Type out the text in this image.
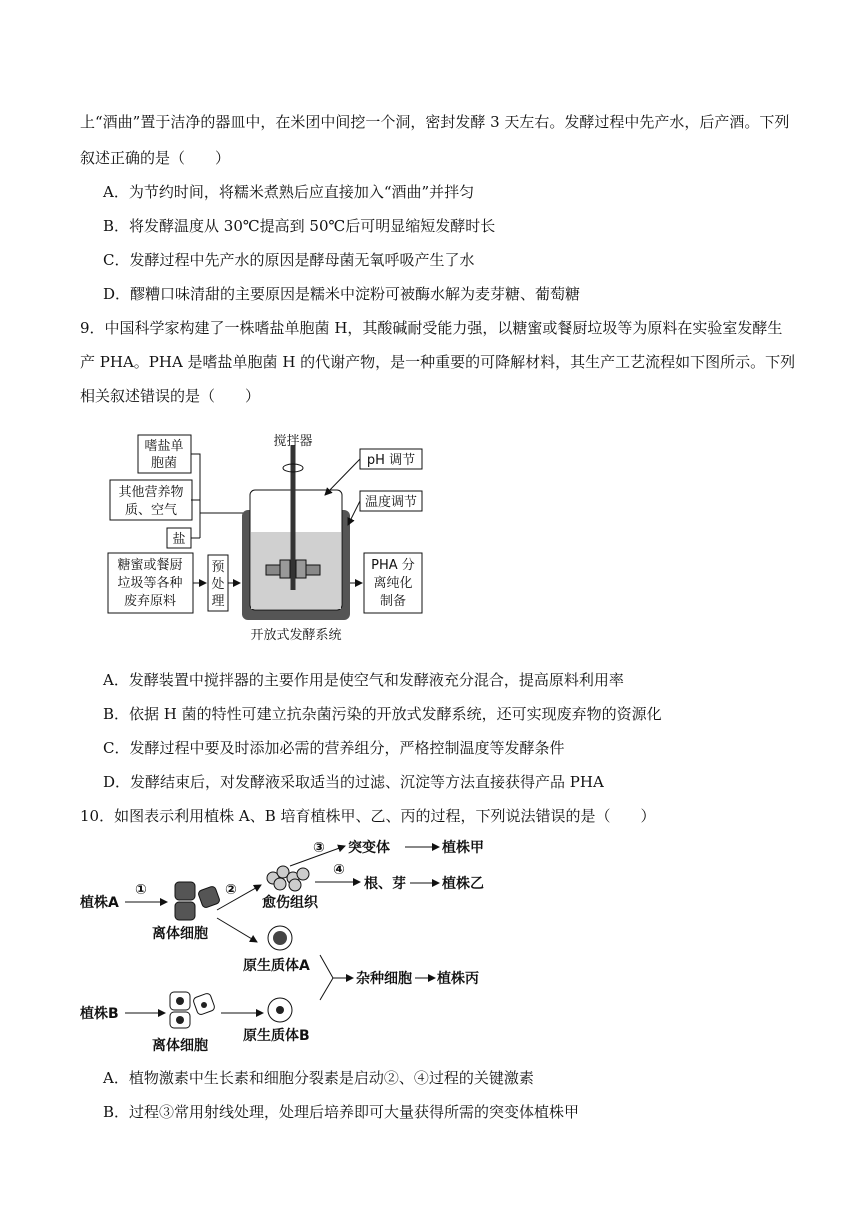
上“酒曲”置于洁净的器皿中，在米团中间挖一个洞，密封发酵 3 天左右。发酵过程中先产水，后产酒。下列
叙述正确的是（　　）
A．为节约时间，将糯米煮熟后应直接加入“酒曲”并拌匀
B．将发酵温度从 30℃提高到 50℃后可明显缩短发酵时长
C．发酵过程中先产水的原因是酵母菌无氧呼吸产生了水
D．醪糟口味清甜的主要原因是糯米中淀粉可被酶水解为麦芽糖、葡萄糖
9．中国科学家构建了一株嗜盐单胞菌 H，其酸碱耐受能力强，以糖蜜或餐厨垃圾等为原料在实验室发酵生
产 PHA。PHA 是嗜盐单胞菌 H 的代谢产物，是一种重要的可降解材料，其生产工艺流程如下图所示。下列
相关叙述错误的是（　　）
嗜盐单
胞菌
其他营养物
质、空气
盐
糖蜜或餐厨
垃圾等各种
废弃原料
预
处
理
搅拌器
pH 调节
温度调节
PHA 分
离纯化
制备
开放式发酵系统
A．发酵装置中搅拌器的主要作用是使空气和发酵液充分混合，提高原料利用率
B．依据 H 菌的特性可建立抗杂菌污染的开放式发酵系统，还可实现废弃物的资源化
C．发酵过程中要及时添加必需的营养组分，严格控制温度等发酵条件
D．发酵结束后，对发酵液采取适当的过滤、沉淀等方法直接获得产品 PHA
10．如图表示利用植株 A、B 培育植株甲、乙、丙的过程，下列说法错误的是（　　）
植株A
①
离体细胞
②
愈伤组织
③
④
突变体	植株甲
根、芽	植株乙
原生质体A
杂种细胞 植株丙
植株B
离体细胞
原生质体B
A．植物激素中生长素和细胞分裂素是启动②、④过程的关键激素
B．过程③常用射线处理，处理后培养即可大量获得所需的突变体植株甲
